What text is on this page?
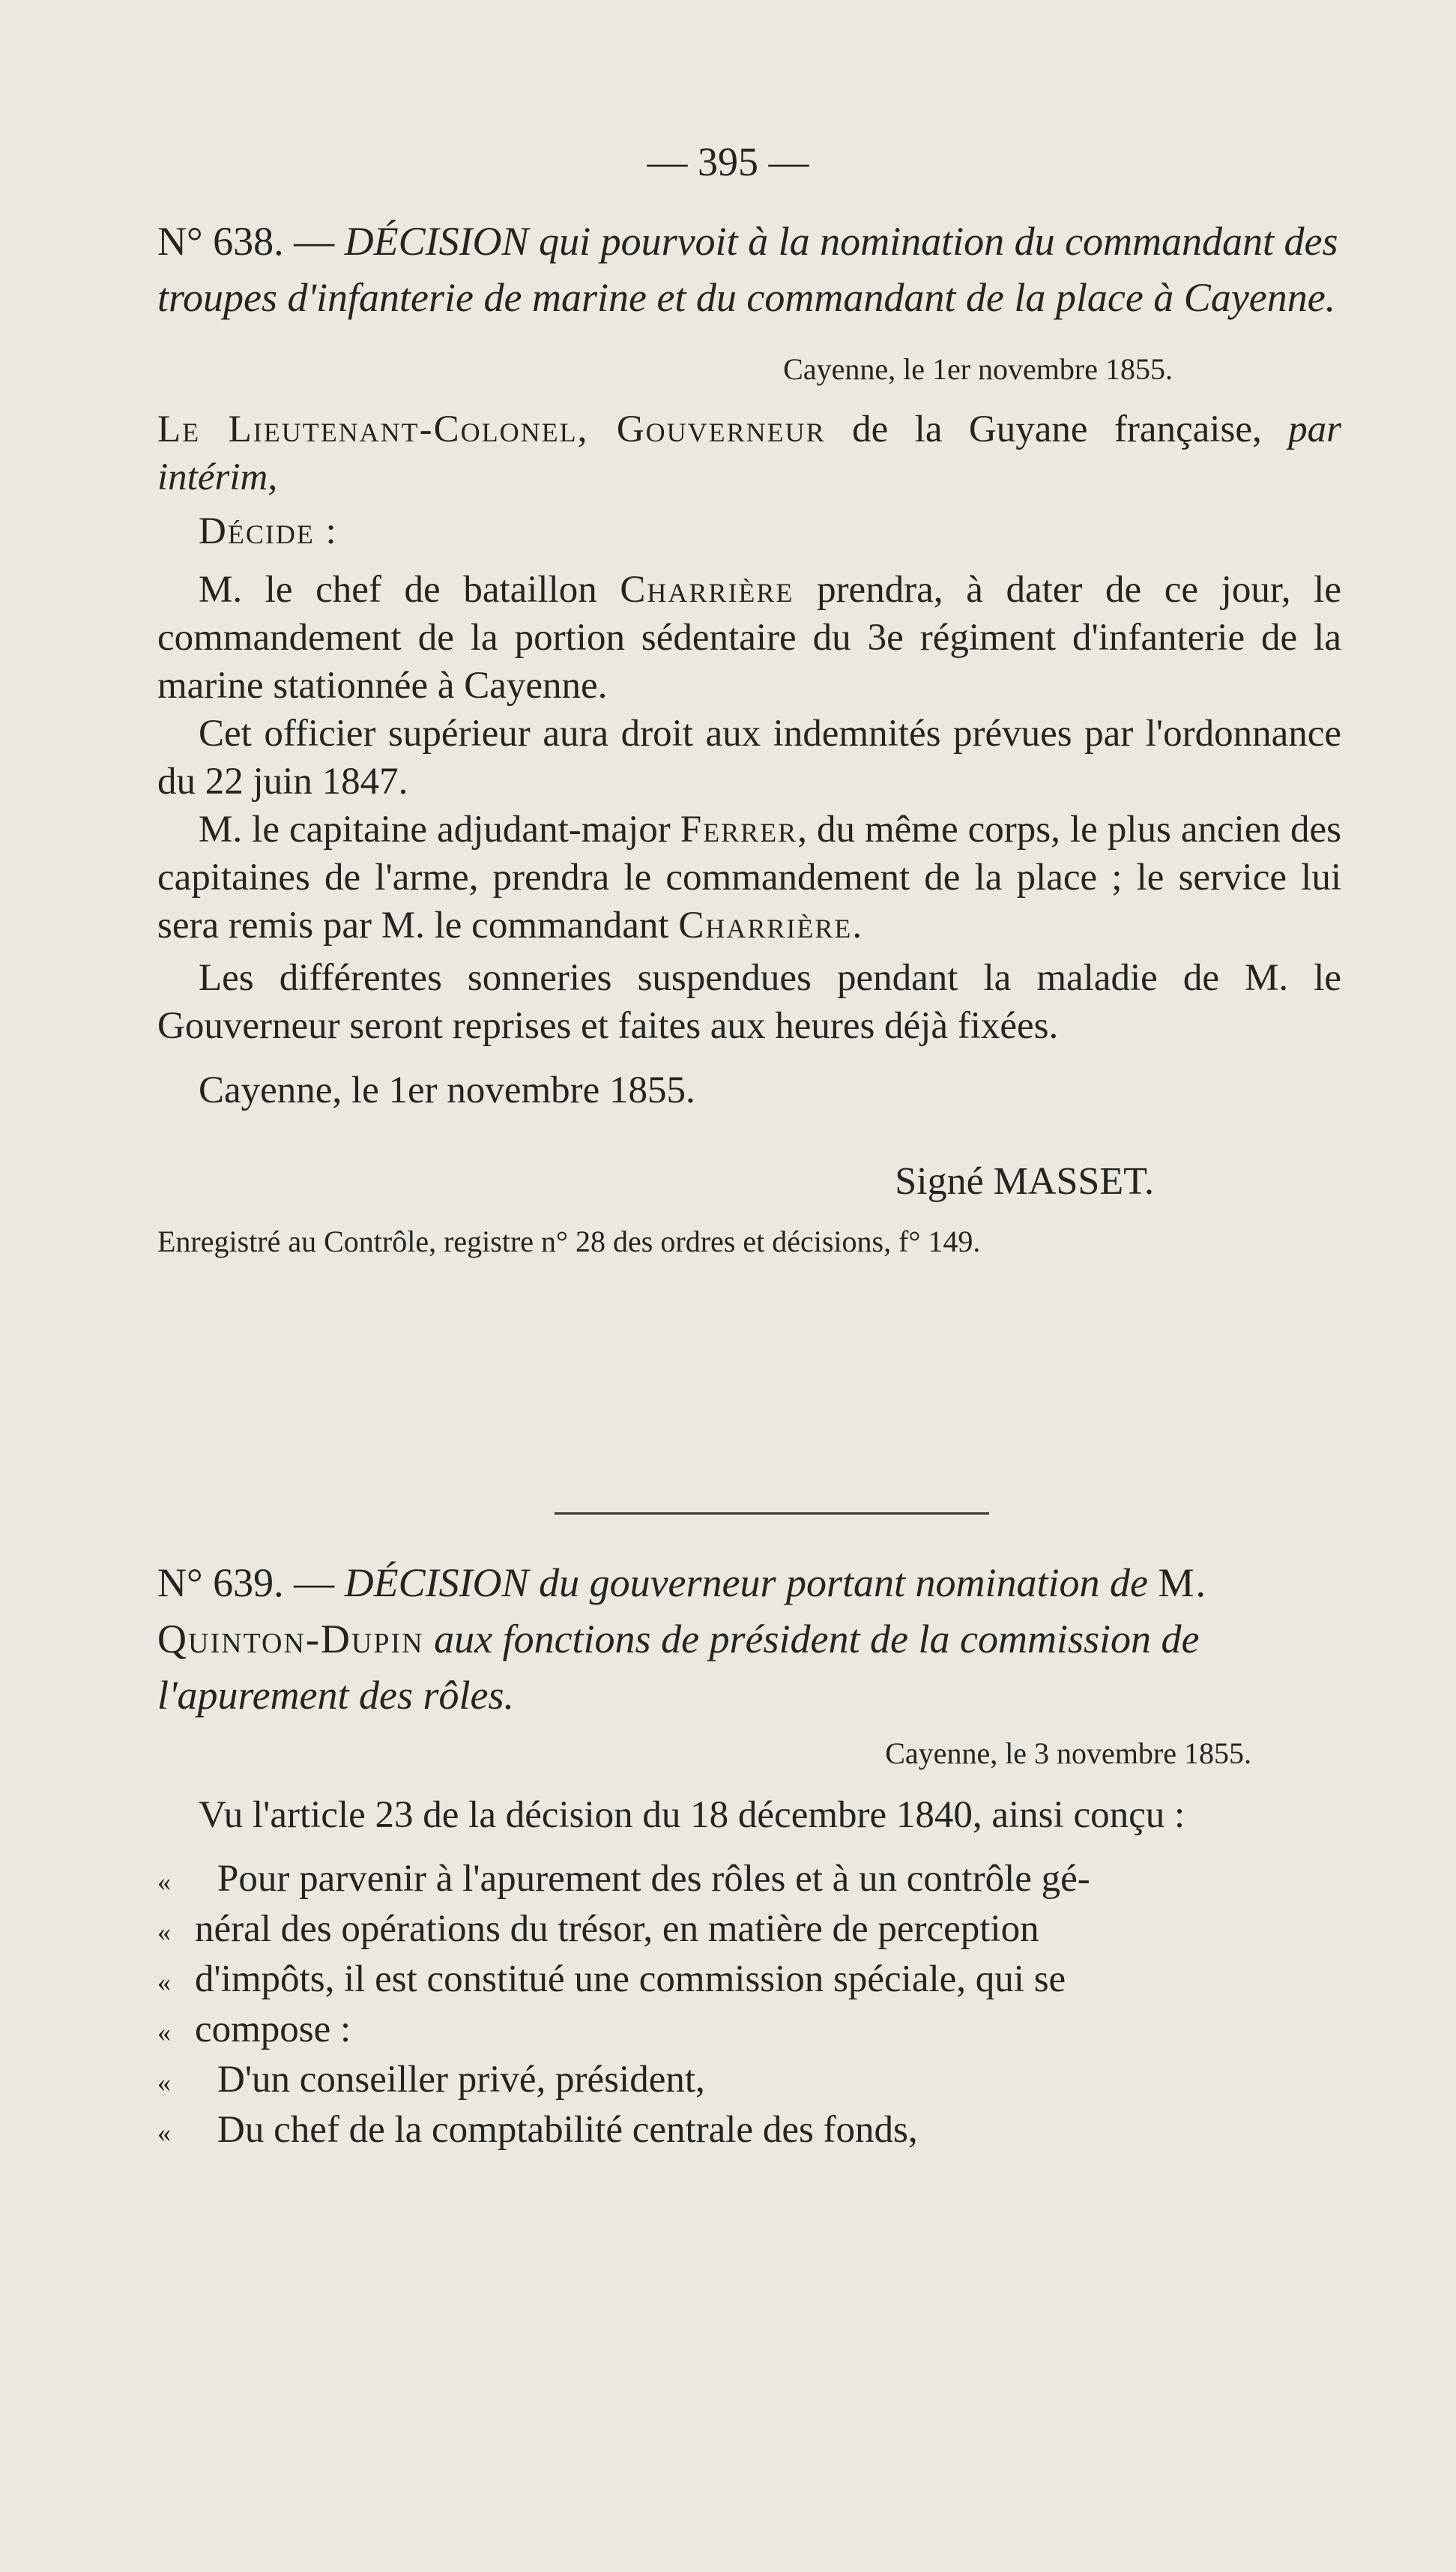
— 395 —
N° 638. — DÉCISION qui pourvoit à la nomination du commandant des troupes d'infanterie de marine et du commandant de la place à Cayenne.
Cayenne, le 1er novembre 1855.

Le Lieutenant-Colonel, Gouverneur de la Guyane française, par intérim,

Décide :

M. le chef de bataillon Charrière prendra, à dater de ce jour, le commandement de la portion sédentaire du 3e régiment d'infanterie de la marine stationnée à Cayenne.

Cet officier supérieur aura droit aux indemnités prévues par l'ordonnance du 22 juin 1847.

M. le capitaine adjudant-major Ferrer, du même corps, le plus ancien des capitaines de l'arme, prendra le commandement de la place ; le service lui sera remis par M. le commandant Charrière.

Les différentes sonneries suspendues pendant la maladie de M. le Gouverneur seront reprises et faites aux heures déjà fixées.

Cayenne, le 1er novembre 1855.

Signé MASSET.

Enregistré au Contrôle, registre n° 28 des ordres et décisions, f° 149.

N° 639. — DÉCISION du gouverneur portant nomination de M. Quinton-Dupin aux fonctions de président de la commission de l'apurement des rôles.
Cayenne, le 3 novembre 1855.

Vu l'article 23 de la décision du 18 décembre 1840, ainsi conçu :

«	Pour parvenir à l'apurement des rôles et à un contrôle gé-
« néral des opérations du trésor, en matière de perception
« d'impôts, il est constitué une commission spéciale, qui se
« compose :
«	D'un conseiller privé, président,
«	Du chef de la comptabilité centrale des fonds,
